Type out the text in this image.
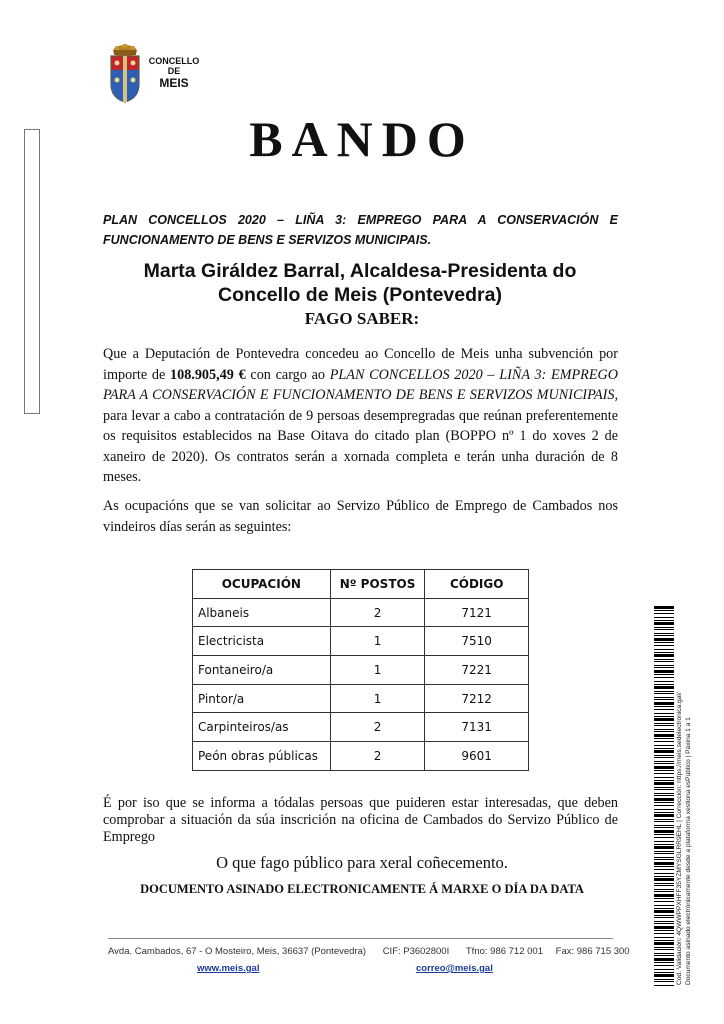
CONCELLO
DE
MEIS
BANDO
PLAN CONCELLOS 2020 – LIÑA 3: EMPREGO PARA A CONSERVACIÓN E FUNCIONAMENTO DE BENS E SERVIZOS MUNICIPAIS.
Marta Giráldez Barral, Alcaldesa-Presidenta do
Concello de Meis (Pontevedra)
FAGO SABER:
Que a Deputación de Pontevedra concedeu ao Concello de Meis unha subvención por importe de 108.905,49 € con cargo ao PLAN CONCELLOS 2020 – LIÑA 3: EMPREGO PARA A CONSERVACIÓN E FUNCIONAMENTO DE BENS E SERVIZOS MUNICIPAIS, para levar a cabo a contratación de 9 persoas desempregradas que reúnan preferentemente os requisitos establecidos na Base Oitava do citado plan (BOPPO nº 1 do xoves 2 de xaneiro de 2020). Os contratos serán a xornada completa e terán unha duración de 8 meses.
As ocupacións que se van solicitar ao Servizo Público de Emprego de Cambados nos vindeiros días serán as seguintes:
OCUPACIÓN	Nº POSTOS	CÓDIGO
Albaneis	2	7121
Electricista	1	7510
Fontaneiro/a	1	7221
Pintor/a	1	7212
Carpinteiros/as	2	7131
Peón obras públicas	2	9601
É por iso que se informa a tódalas persoas que puideren estar interesadas, que deben comprobar a situación da súa inscrición na oficina de Cambados do Servizo Público de Emprego
O que fago público para xeral coñecemento.
DOCUMENTO ASINADO ELECTRONICAMENTE Á MARXE O DÍA DA DATA
Avda. Cambados, 67 - O Mosteiro, Meis, 36637 (Pontevedra) CIF: P3602800I Tfno: 986 712 001 Fax: 986 715 300
www.meis.gal	correo@meis.gal	Cod. Validación: 4QWWPPXHFF35YZMYSGLRR9EHL | Corrección: https://meis.sedelectronica.gal/ Documento asinado electrónicamente desde a plataforma xestiona esPúblico | Páxina 1 a 1
